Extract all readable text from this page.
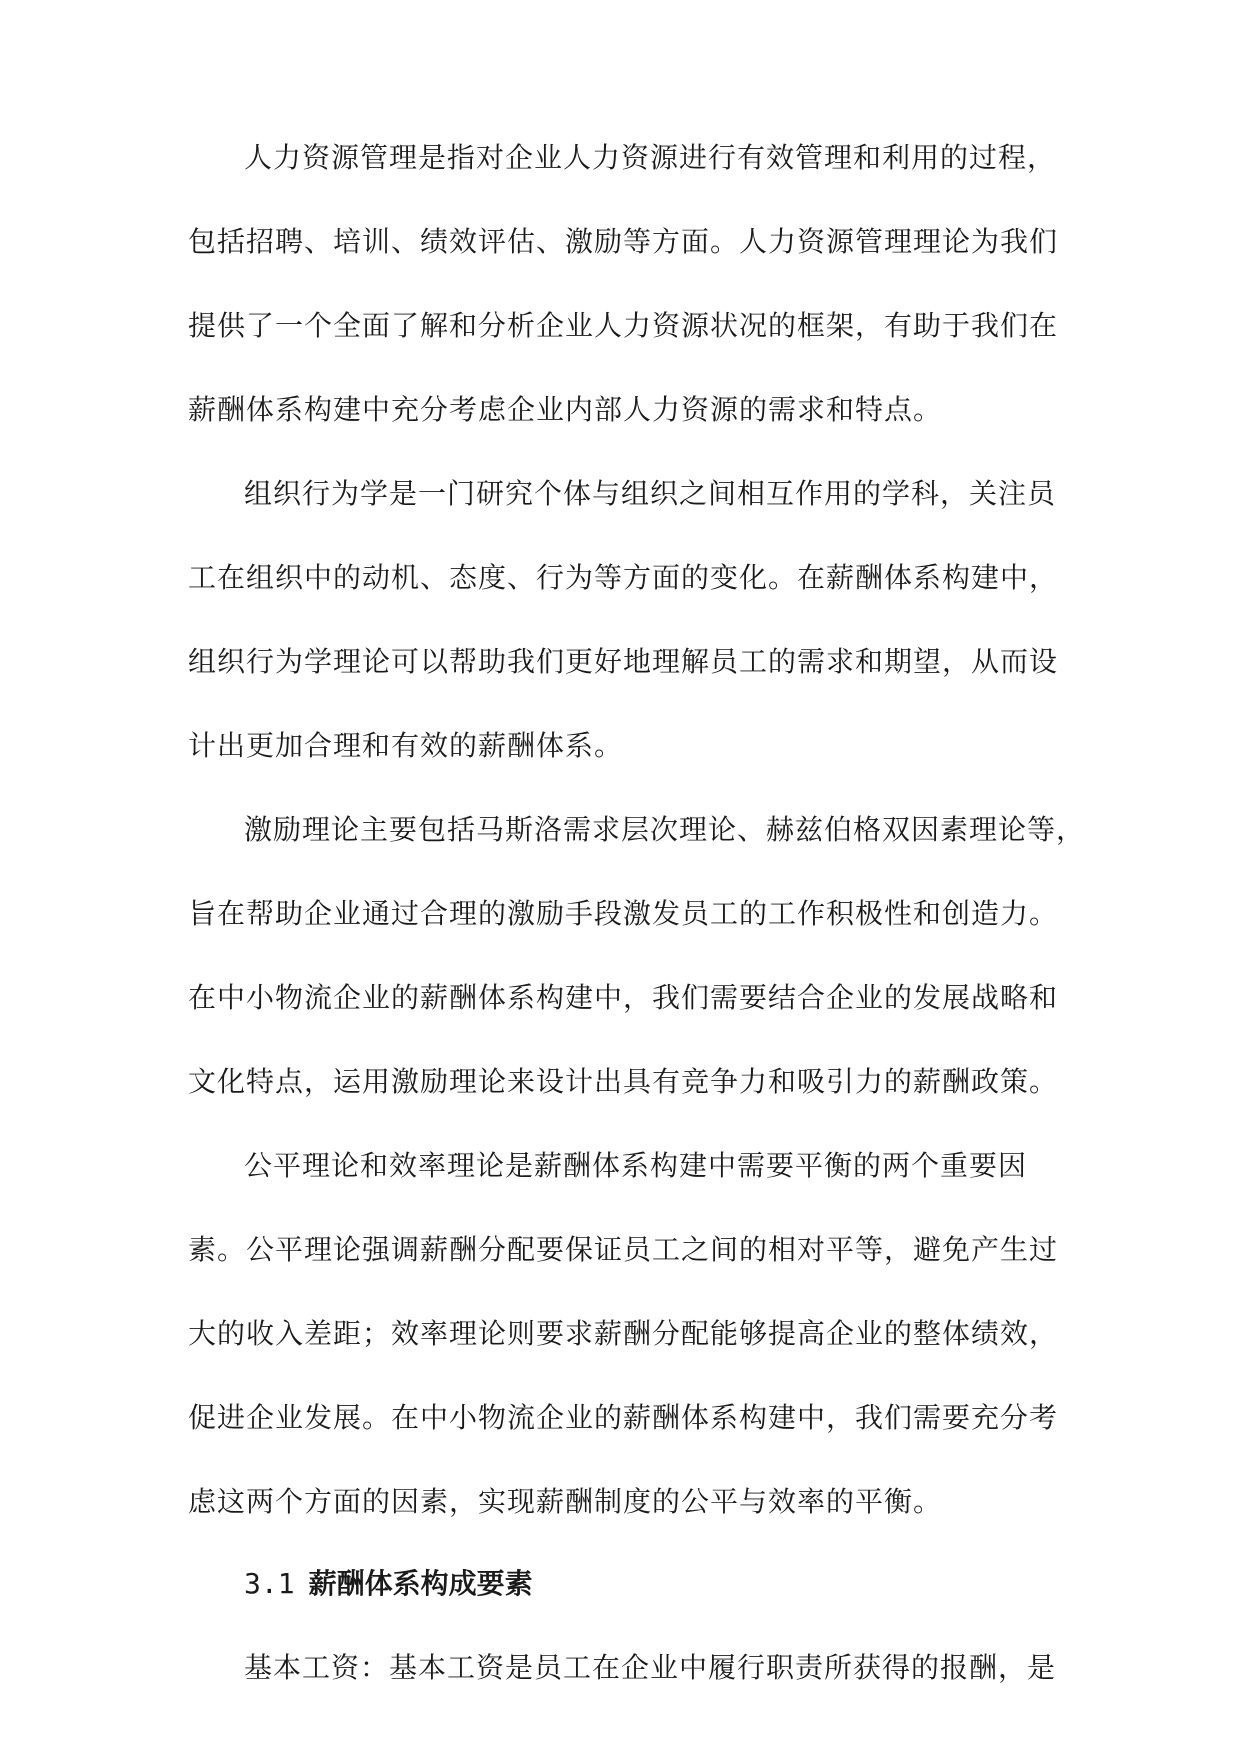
人力资源管理是指对企业人力资源进行有效管理和利用的过程，
包括招聘、培训、绩效评估、激励等方面。人力资源管理理论为我们
提供了一个全面了解和分析企业人力资源状况的框架，有助于我们在
薪酬体系构建中充分考虑企业内部人力资源的需求和特点。
组织行为学是一门研究个体与组织之间相互作用的学科，关注员
工在组织中的动机、态度、行为等方面的变化。在薪酬体系构建中，
组织行为学理论可以帮助我们更好地理解员工的需求和期望，从而设
计出更加合理和有效的薪酬体系。
激励理论主要包括马斯洛需求层次理论、赫兹伯格双因素理论等，
旨在帮助企业通过合理的激励手段激发员工的工作积极性和创造力。
在中小物流企业的薪酬体系构建中，我们需要结合企业的发展战略和
文化特点，运用激励理论来设计出具有竞争力和吸引力的薪酬政策。
公平理论和效率理论是薪酬体系构建中需要平衡的两个重要因
素。公平理论强调薪酬分配要保证员工之间的相对平等，避免产生过
大的收入差距；效率理论则要求薪酬分配能够提高企业的整体绩效，
促进企业发展。在中小物流企业的薪酬体系构建中，我们需要充分考
虑这两个方面的因素，实现薪酬制度的公平与效率的平衡。
3.1 薪酬体系构成要素
基本工资：基本工资是员工在企业中履行职责所获得的报酬，是
